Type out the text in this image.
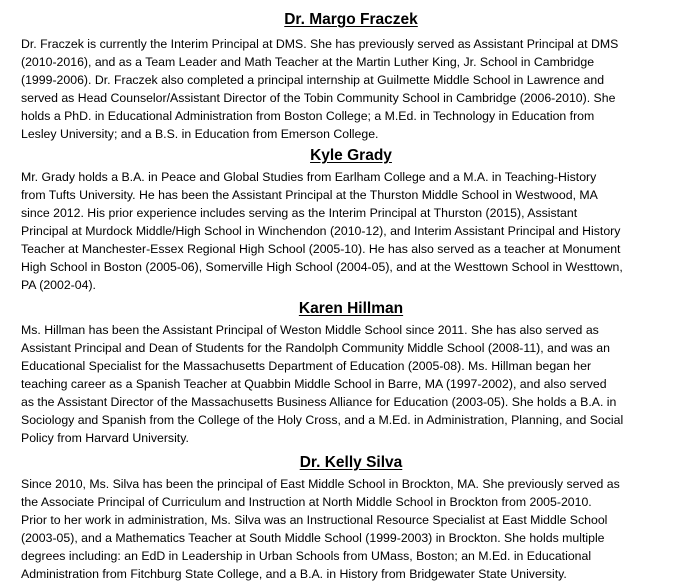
Dr. Margo Fraczek
Dr. Fraczek is currently the Interim Principal at DMS. She has previously served as Assistant Principal at DMS
(2010-2016), and as a Team Leader and Math Teacher at the Martin Luther King, Jr. School in Cambridge
(1999-2006). Dr. Fraczek also completed a principal internship at Guilmette Middle School in Lawrence and
served as Head Counselor/Assistant Director of the Tobin Community School in Cambridge (2006-2010). She
holds a PhD. in Educational Administration from Boston College; a M.Ed. in Technology in Education from
Lesley University; and a B.S. in Education from Emerson College.
Kyle Grady
Mr. Grady holds a B.A. in Peace and Global Studies from Earlham College and a M.A. in Teaching-History
from Tufts University. He has been the Assistant Principal at the Thurston Middle School in Westwood, MA
since 2012. His prior experience includes serving as the Interim Principal at Thurston (2015), Assistant
Principal at Murdock Middle/High School in Winchendon (2010-12), and Interim Assistant Principal and History
Teacher at Manchester-Essex Regional High School (2005-10). He has also served as a teacher at Monument
High School in Boston (2005-06), Somerville High School (2004-05), and at the Westtown School in Westtown,
PA (2002-04).
Karen Hillman
Ms. Hillman has been the Assistant Principal of Weston Middle School since 2011. She has also served as
Assistant Principal and Dean of Students for the Randolph Community Middle School (2008-11), and was an
Educational Specialist for the Massachusetts Department of Education (2005-08). Ms. Hillman began her
teaching career as a Spanish Teacher at Quabbin Middle School in Barre, MA (1997-2002), and also served
as the Assistant Director of the Massachusetts Business Alliance for Education (2003-05). She holds a B.A. in
Sociology and Spanish from the College of the Holy Cross, and a M.Ed. in Administration, Planning, and Social
Policy from Harvard University.
Dr. Kelly Silva
Since 2010, Ms. Silva has been the principal of East Middle School in Brockton, MA. She previously served as
the Associate Principal of Curriculum and Instruction at North Middle School in Brockton from 2005-2010.
Prior to her work in administration, Ms. Silva was an Instructional Resource Specialist at East Middle School
(2003-05), and a Mathematics Teacher at South Middle School (1999-2003) in Brockton. She holds multiple
degrees including: an EdD in Leadership in Urban Schools from UMass, Boston; an M.Ed. in Educational
Administration from Fitchburg State College, and a B.A. in History from Bridgewater State University.
